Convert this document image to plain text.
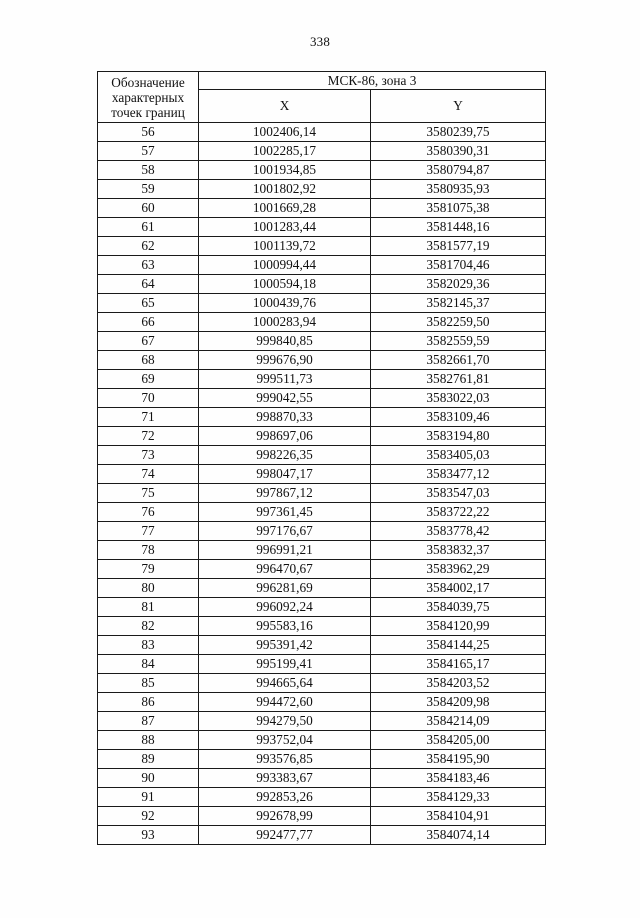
338
Обозначение характерных точек границ	МСК-86, зона 3	
	X	Y
56	1002406,14	3580239,75
57	1002285,17	3580390,31
58	1001934,85	3580794,87
59	1001802,92	3580935,93
60	1001669,28	3581075,38
61	1001283,44	3581448,16
62	1001139,72	3581577,19
63	1000994,44	3581704,46
64	1000594,18	3582029,36
65	1000439,76	3582145,37
66	1000283,94	3582259,50
67	999840,85	3582559,59
68	999676,90	3582661,70
69	999511,73	3582761,81
70	999042,55	3583022,03
71	998870,33	3583109,46
72	998697,06	3583194,80
73	998226,35	3583405,03
74	998047,17	3583477,12
75	997867,12	3583547,03
76	997361,45	3583722,22
77	997176,67	3583778,42
78	996991,21	3583832,37
79	996470,67	3583962,29
80	996281,69	3584002,17
81	996092,24	3584039,75
82	995583,16	3584120,99
83	995391,42	3584144,25
84	995199,41	3584165,17
85	994665,64	3584203,52
86	994472,60	3584209,98
87	994279,50	3584214,09
88	993752,04	3584205,00
89	993576,85	3584195,90
90	993383,67	3584183,46
91	992853,26	3584129,33
92	992678,99	3584104,91
93	992477,77	3584074,14
